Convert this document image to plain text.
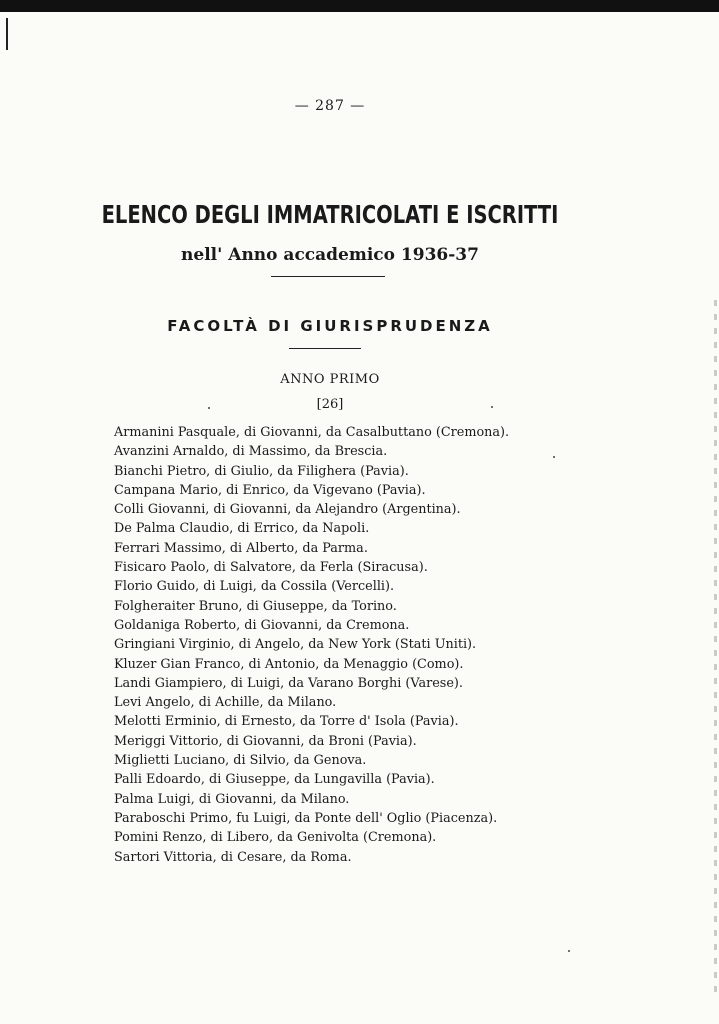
— 287 —
ELENCO DEGLI IMMATRICOLATI E ISCRITTI
nell' Anno accademico 1936-37
FACOLTÀ DI GIURISPRUDENZA
ANNO PRIMO
[26]
Armanini Pasquale, di Giovanni, da Casalbuttano (Cremona).
Avanzini Arnaldo, di Massimo, da Brescia.
Bianchi Pietro, di Giulio, da Filighera (Pavia).
Campana Mario, di Enrico, da Vigevano (Pavia).
Colli Giovanni, di Giovanni, da Alejandro (Argentina).
De Palma Claudio, di Errico, da Napoli.
Ferrari Massimo, di Alberto, da Parma.
Fisicaro Paolo, di Salvatore, da Ferla (Siracusa).
Florio Guido, di Luigi, da Cossila (Vercelli).
Folgheraiter Bruno, di Giuseppe, da Torino.
Goldaniga Roberto, di Giovanni, da Cremona.
Gringiani Virginio, di Angelo, da New York (Stati Uniti).
Kluzer Gian Franco, di Antonio, da Menaggio (Como).
Landi Giampiero, di Luigi, da Varano Borghi (Varese).
Levi Angelo, di Achille, da Milano.
Melotti Erminio, di Ernesto, da Torre d' Isola (Pavia).
Meriggi Vittorio, di Giovanni, da Broni (Pavia).
Miglietti Luciano, di Silvio, da Genova.
Palli Edoardo, di Giuseppe, da Lungavilla (Pavia).
Palma Luigi, di Giovanni, da Milano.
Paraboschi Primo, fu Luigi, da Ponte dell' Oglio (Piacenza).
Pomini Renzo, di Libero, da Genivolta (Cremona).
Sartori Vittoria, di Cesare, da Roma.
